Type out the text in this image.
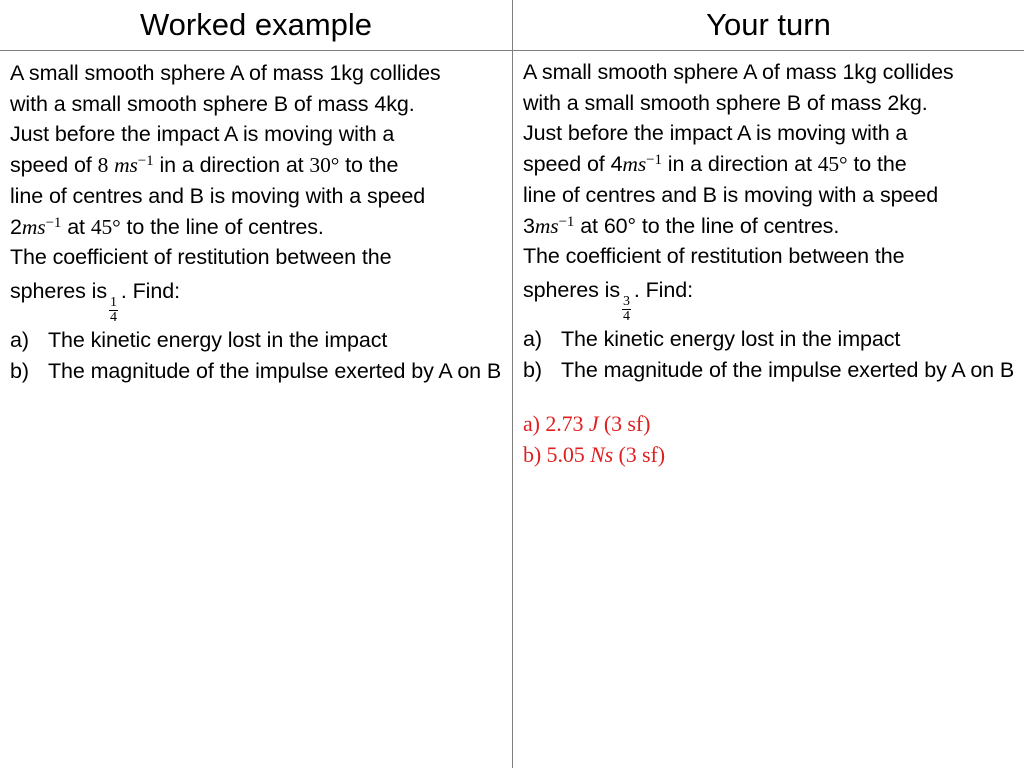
Worked example	Your turn
A small smooth sphere A of mass 1kg collides
with a small smooth sphere B of mass 4kg.
Just before the impact A is moving with a
speed of 8 $ms^{-1}$ in a direction at 30° to the
line of centres and B is moving with a speed
$2ms^{-1}$ at 45° to the line of centres.
The coefficient of restitution between the
spheres is
$\frac{1}{4}$
. Find:
a) The kinetic energy lost in the impact
b) The magnitude of the impulse exerted by A on B
A small smooth sphere A of mass 1kg collides
with a small smooth sphere B of mass 2kg.
Just before the impact A is moving with a
speed of $4ms^{-1}$ in a direction at 45° to the
line of centres and B is moving with a speed
$3ms^{-1}$ at 60° to the line of centres.
The coefficient of restitution between the
spheres is
$\frac{3}{4}$
. Find:
a) The kinetic energy lost in the impact
b) The magnitude of the impulse exerted by A on B
a) 2.73 J (3 sf)
b) 5.05 Ns (3 sf)
